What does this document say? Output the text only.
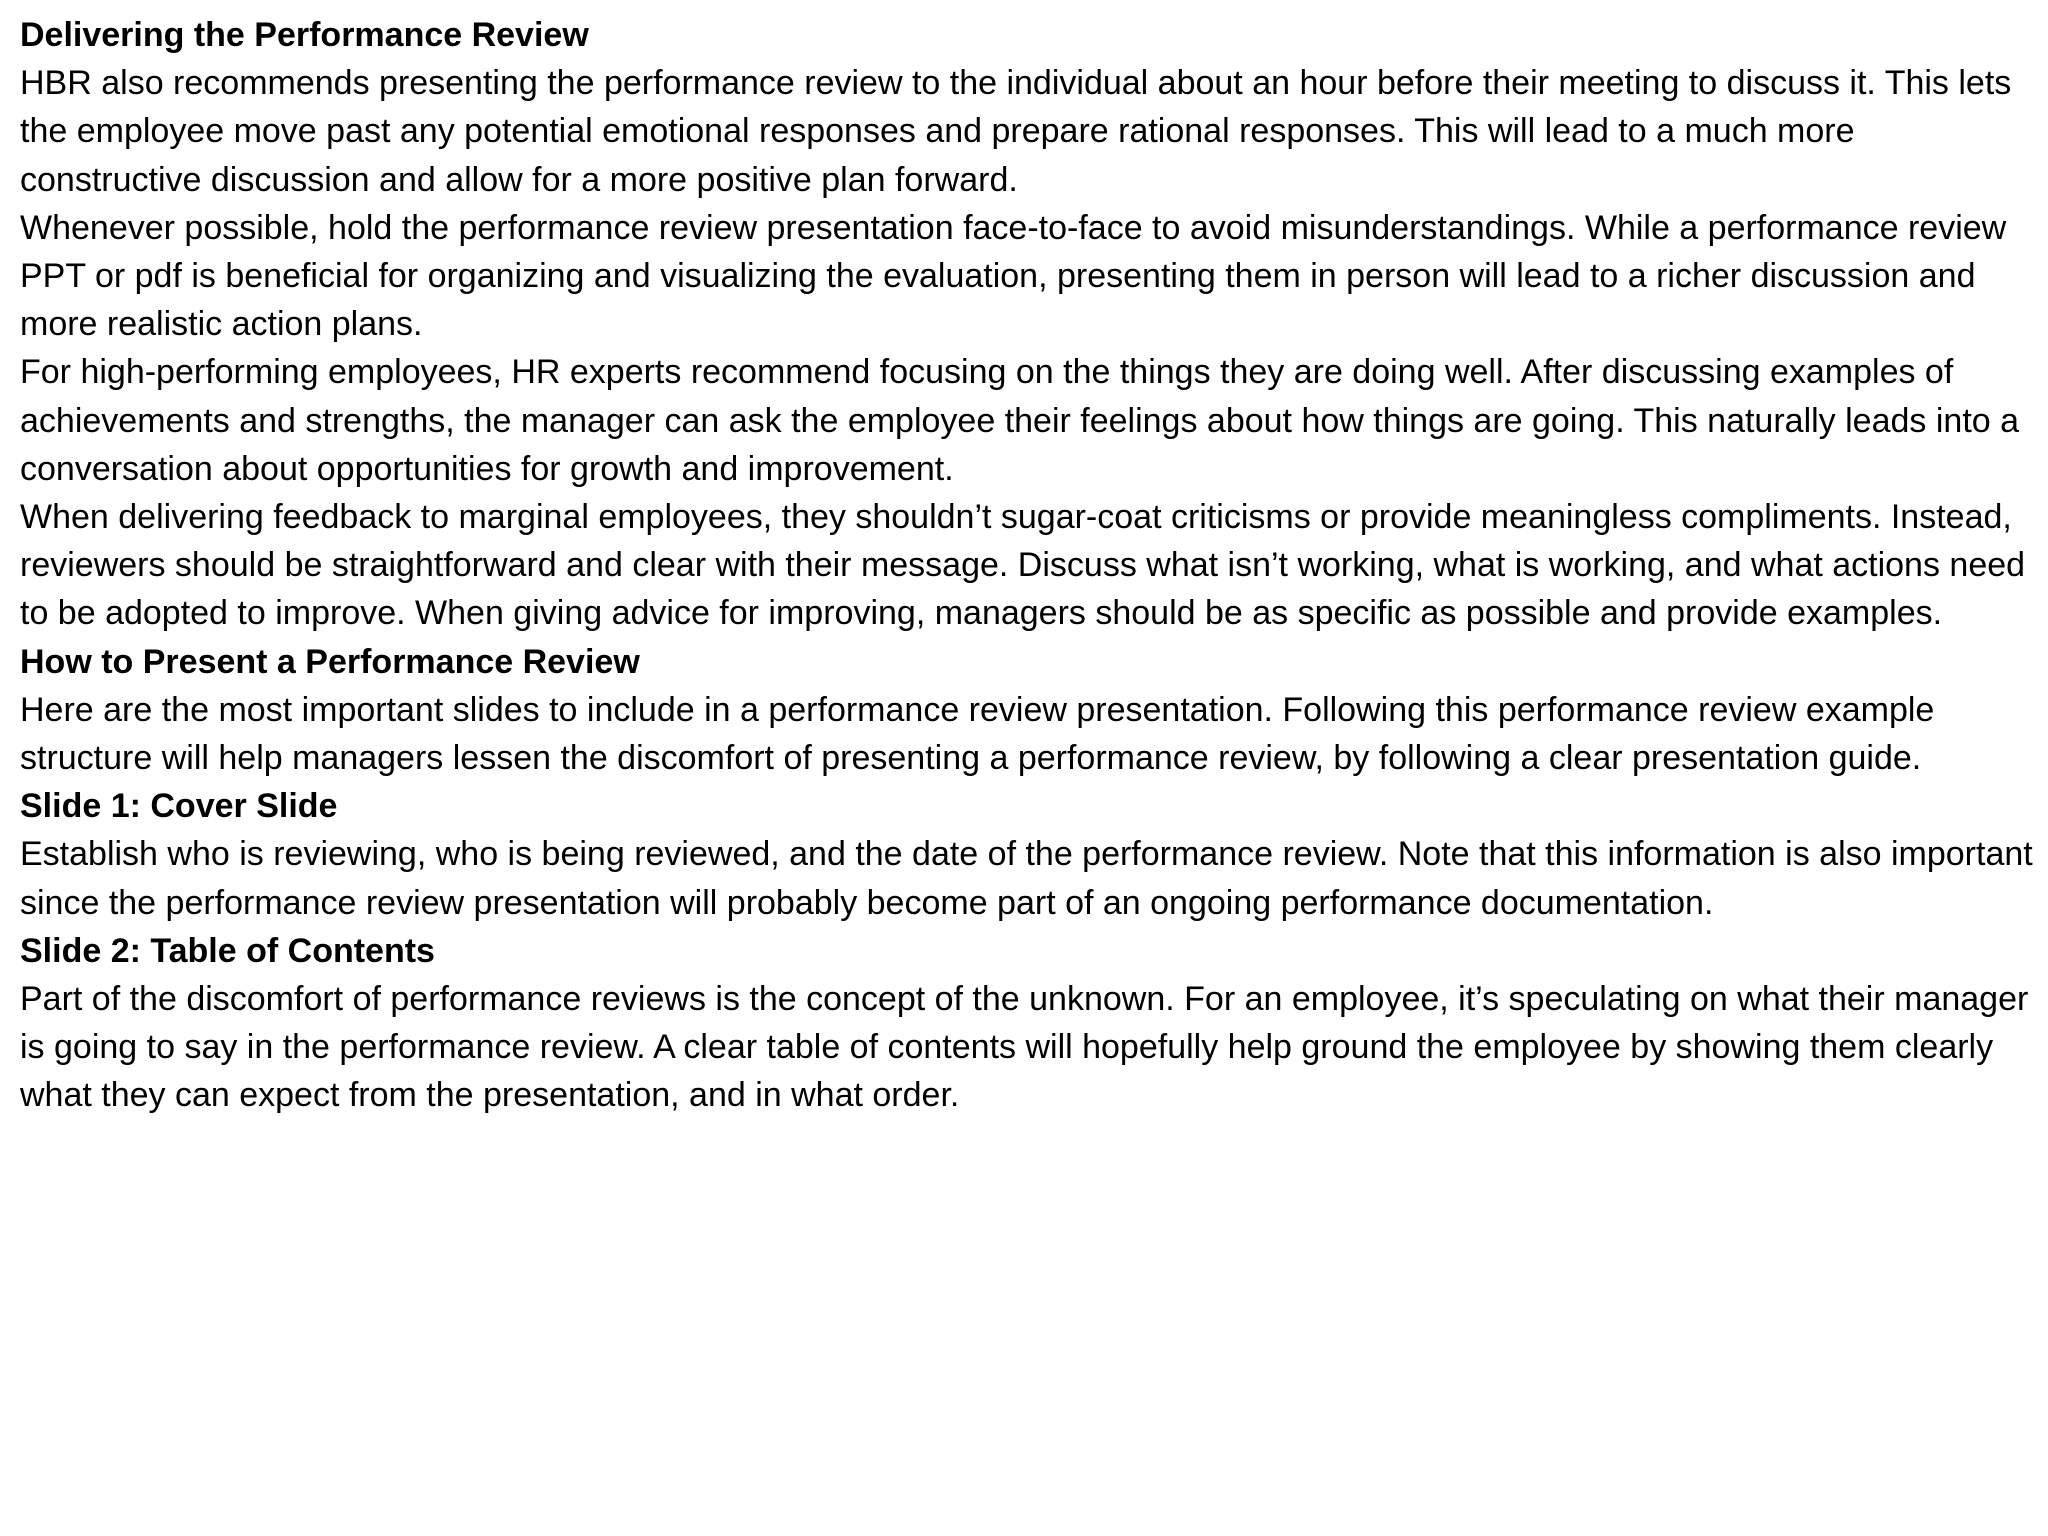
Delivering the Performance Review

HBR also recommends presenting the performance review to the individual about an hour before their meeting to discuss it. This lets the employee move past any potential emotional responses and prepare rational responses. This will lead to a much more constructive discussion and allow for a more positive plan forward.

Whenever possible, hold the performance review presentation face-to-face to avoid misunderstandings. While a performance review PPT or pdf is beneficial for organizing and visualizing the evaluation, presenting them in person will lead to a richer discussion and more realistic action plans.

For high-performing employees, HR experts recommend focusing on the things they are doing well. After discussing examples of achievements and strengths, the manager can ask the employee their feelings about how things are going. This naturally leads into a conversation about opportunities for growth and improvement.

When delivering feedback to marginal employees, they shouldn’t sugar-coat criticisms or provide meaningless compliments. Instead, reviewers should be straightforward and clear with their message. Discuss what isn’t working, what is working, and what actions need to be adopted to improve. When giving advice for improving, managers should be as specific as possible and provide examples.

How to Present a Performance Review

Here are the most important slides to include in a performance review presentation. Following this performance review example structure will help managers lessen the discomfort of presenting a performance review, by following a clear presentation guide.

Slide 1: Cover Slide

Establish who is reviewing, who is being reviewed, and the date of the performance review. Note that this information is also important since the performance review presentation will probably become part of an ongoing performance documentation.

Slide 2: Table of Contents

Part of the discomfort of performance reviews is the concept of the unknown. For an employee, it’s speculating on what their manager is going to say in the performance review. A clear table of contents will hopefully help ground the employee by showing them clearly what they can expect from the presentation, and in what order.
